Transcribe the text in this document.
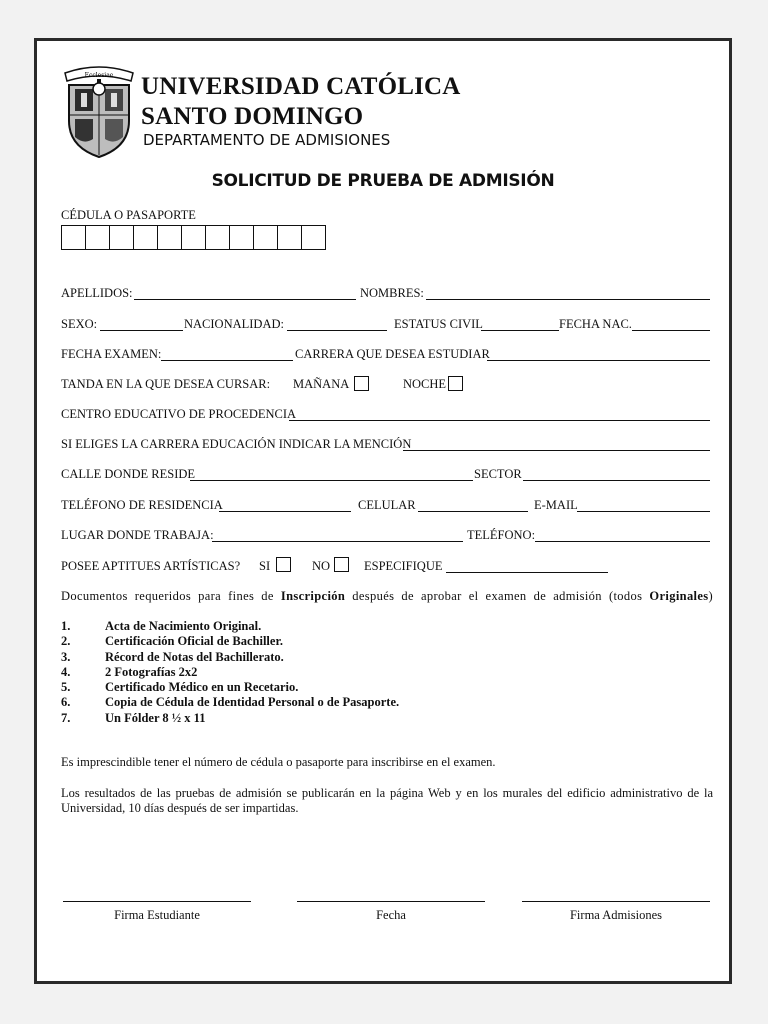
Ecclesiae UNIVERSIDAD CATÓLICA
SANTO DOMINGO
DEPARTAMENTO DE ADMISIONES
SOLICITUD DE PRUEBA DE ADMISIÓN
CÉDULA O PASAPORTE
APELLIDOS:	NOMBRES:
SEXO:	NACIONALIDAD:	ESTATUS CIVIL	FECHA NAC.
FECHA EXAMEN:	CARRERA QUE DESEA ESTUDIAR
TANDA EN LA QUE DESEA CURSAR: MAÑANA	NOCHE
CENTRO EDUCATIVO DE PROCEDENCIA
SI ELIGES LA CARRERA EDUCACIÓN INDICAR LA MENCIÓN
CALLE DONDE RESIDE	SECTOR
TELÉFONO DE RESIDENCIA	CELULAR	E-MAIL
LUGAR DONDE TRABAJA:	TELÉFONO:
POSEE APTITUES ARTÍSTICAS? SI	NO	ESPECIFIQUE
Documentos requeridos para fines de Inscripción después de aprobar el examen de admisión (todos Originales)
1.	Acta de Nacimiento Original.
2.	Certificación Oficial de Bachiller.
3.	Récord de Notas del Bachillerato.
4.	2 Fotografías 2x2
5.	Certificado Médico en un Recetario.
6.	Copia de Cédula de Identidad Personal o de Pasaporte.
7.	Un Fólder 8 ½ x 11
Es imprescindible tener el número de cédula o pasaporte para inscribirse en el examen.
Los resultados de las pruebas de admisión se publicarán en la página Web y en los murales del edificio administrativo de la Universidad, 10 días después de ser impartidas.
Firma Estudiante	Fecha	Firma Admisiones
